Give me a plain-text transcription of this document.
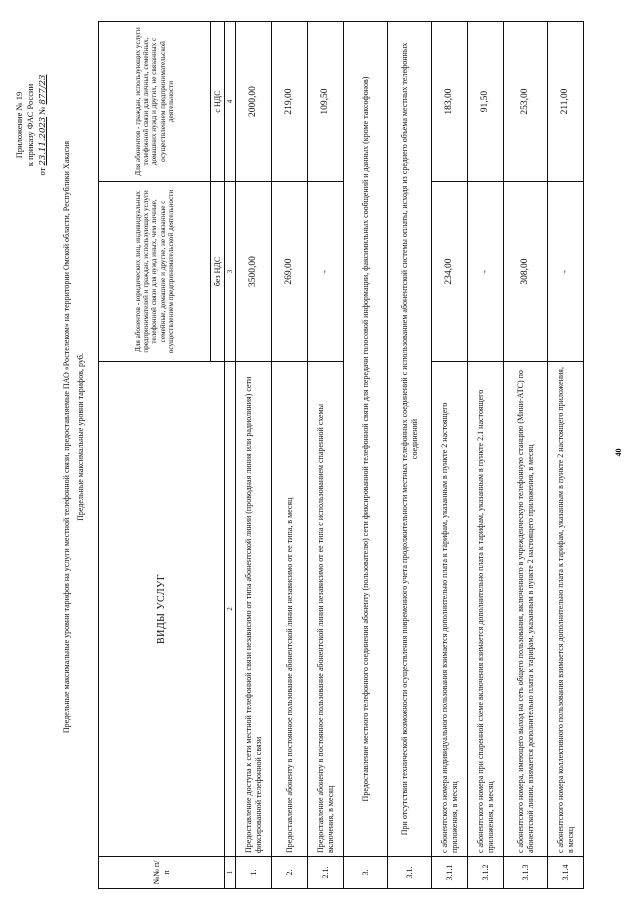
Приложение № 19 к приказу ФАС России
от 23.11.2023 № 877/23
Предельные максимальные уровни тарифов на услуги местной телефонной связи, предоставляемые ПАО «Ростелеком» на территории Омской области, Республики Хакасия Предельные максимальные уровни тарифов, руб.
№№ п/п	ВИДЫ УСЛУГ	Для абонентов - юридических лиц, индивидуальных предпринимателей и граждан, использующих услуги телефонной связи для нужд иных, чем личные, семейные, домашние и другие, не связанные с осуществлением предпринимательской деятельности	Для абонентов - граждан, использующих услуги телефонной связи для личных, семейных, домашних нужд и других, не связанных с осуществлением предпринимательской деятельности
		без НДС	с НДС
1	2	3	4
1.	Предоставление доступа к сети местной телефонной связи независимо от типа абонентской линии (проводная линия или радиолиния) сети фиксированной телефонной связи	3500,00	2000,00
2.	Предоставление абоненту в постоянное пользование абонентской линии независимо от ее типа, в месяц	269,00	219,00
2.1.	Предоставление абоненту в постоянное пользование абонентской линии независимо от ее типа с использованием спаренной схемы включения, в месяц	-	109,50
3.	Предоставление местного телефонного соединения абоненту (пользователю) сети фиксированной телефонной связи для передачи голосовой информации, факсимильных сообщений и данных (кроме таксофонов)		
3.1.	При отсутствии технической возможности осуществления повременного учета продолжительности местных телефонных соединений с использованием абонентской системы оплаты, исходя из среднего объема местных телефонных соединений		
3.1.1	с абонентского номера индивидуального пользования взимается дополнительно плата к тарифам, указанным в пункте 2 настоящего приложения, в месяц	234,00	183,00
3.1.2	с абонентского номера при спаренной схеме включения взимается дополнительно плата к тарифам, указанным в пункте 2.1 настоящего приложения, в месяц	-	91,50
3.1.3	с абонентского номера, имеющего выход на сеть общего пользования, включенного в учрежденческую телефонную станцию (Мини-АТС) по абонентской линии, взимается дополнительно плата к тарифам, указанным в пункте 2 настоящего приложения, в месяц	308,00	253,00
3.1.4	с абонентского номера коллективного пользования взимается дополнительно плата к тарифам, указанным в пункте 2 настоящего приложения, в месяц	-	211,00
40
